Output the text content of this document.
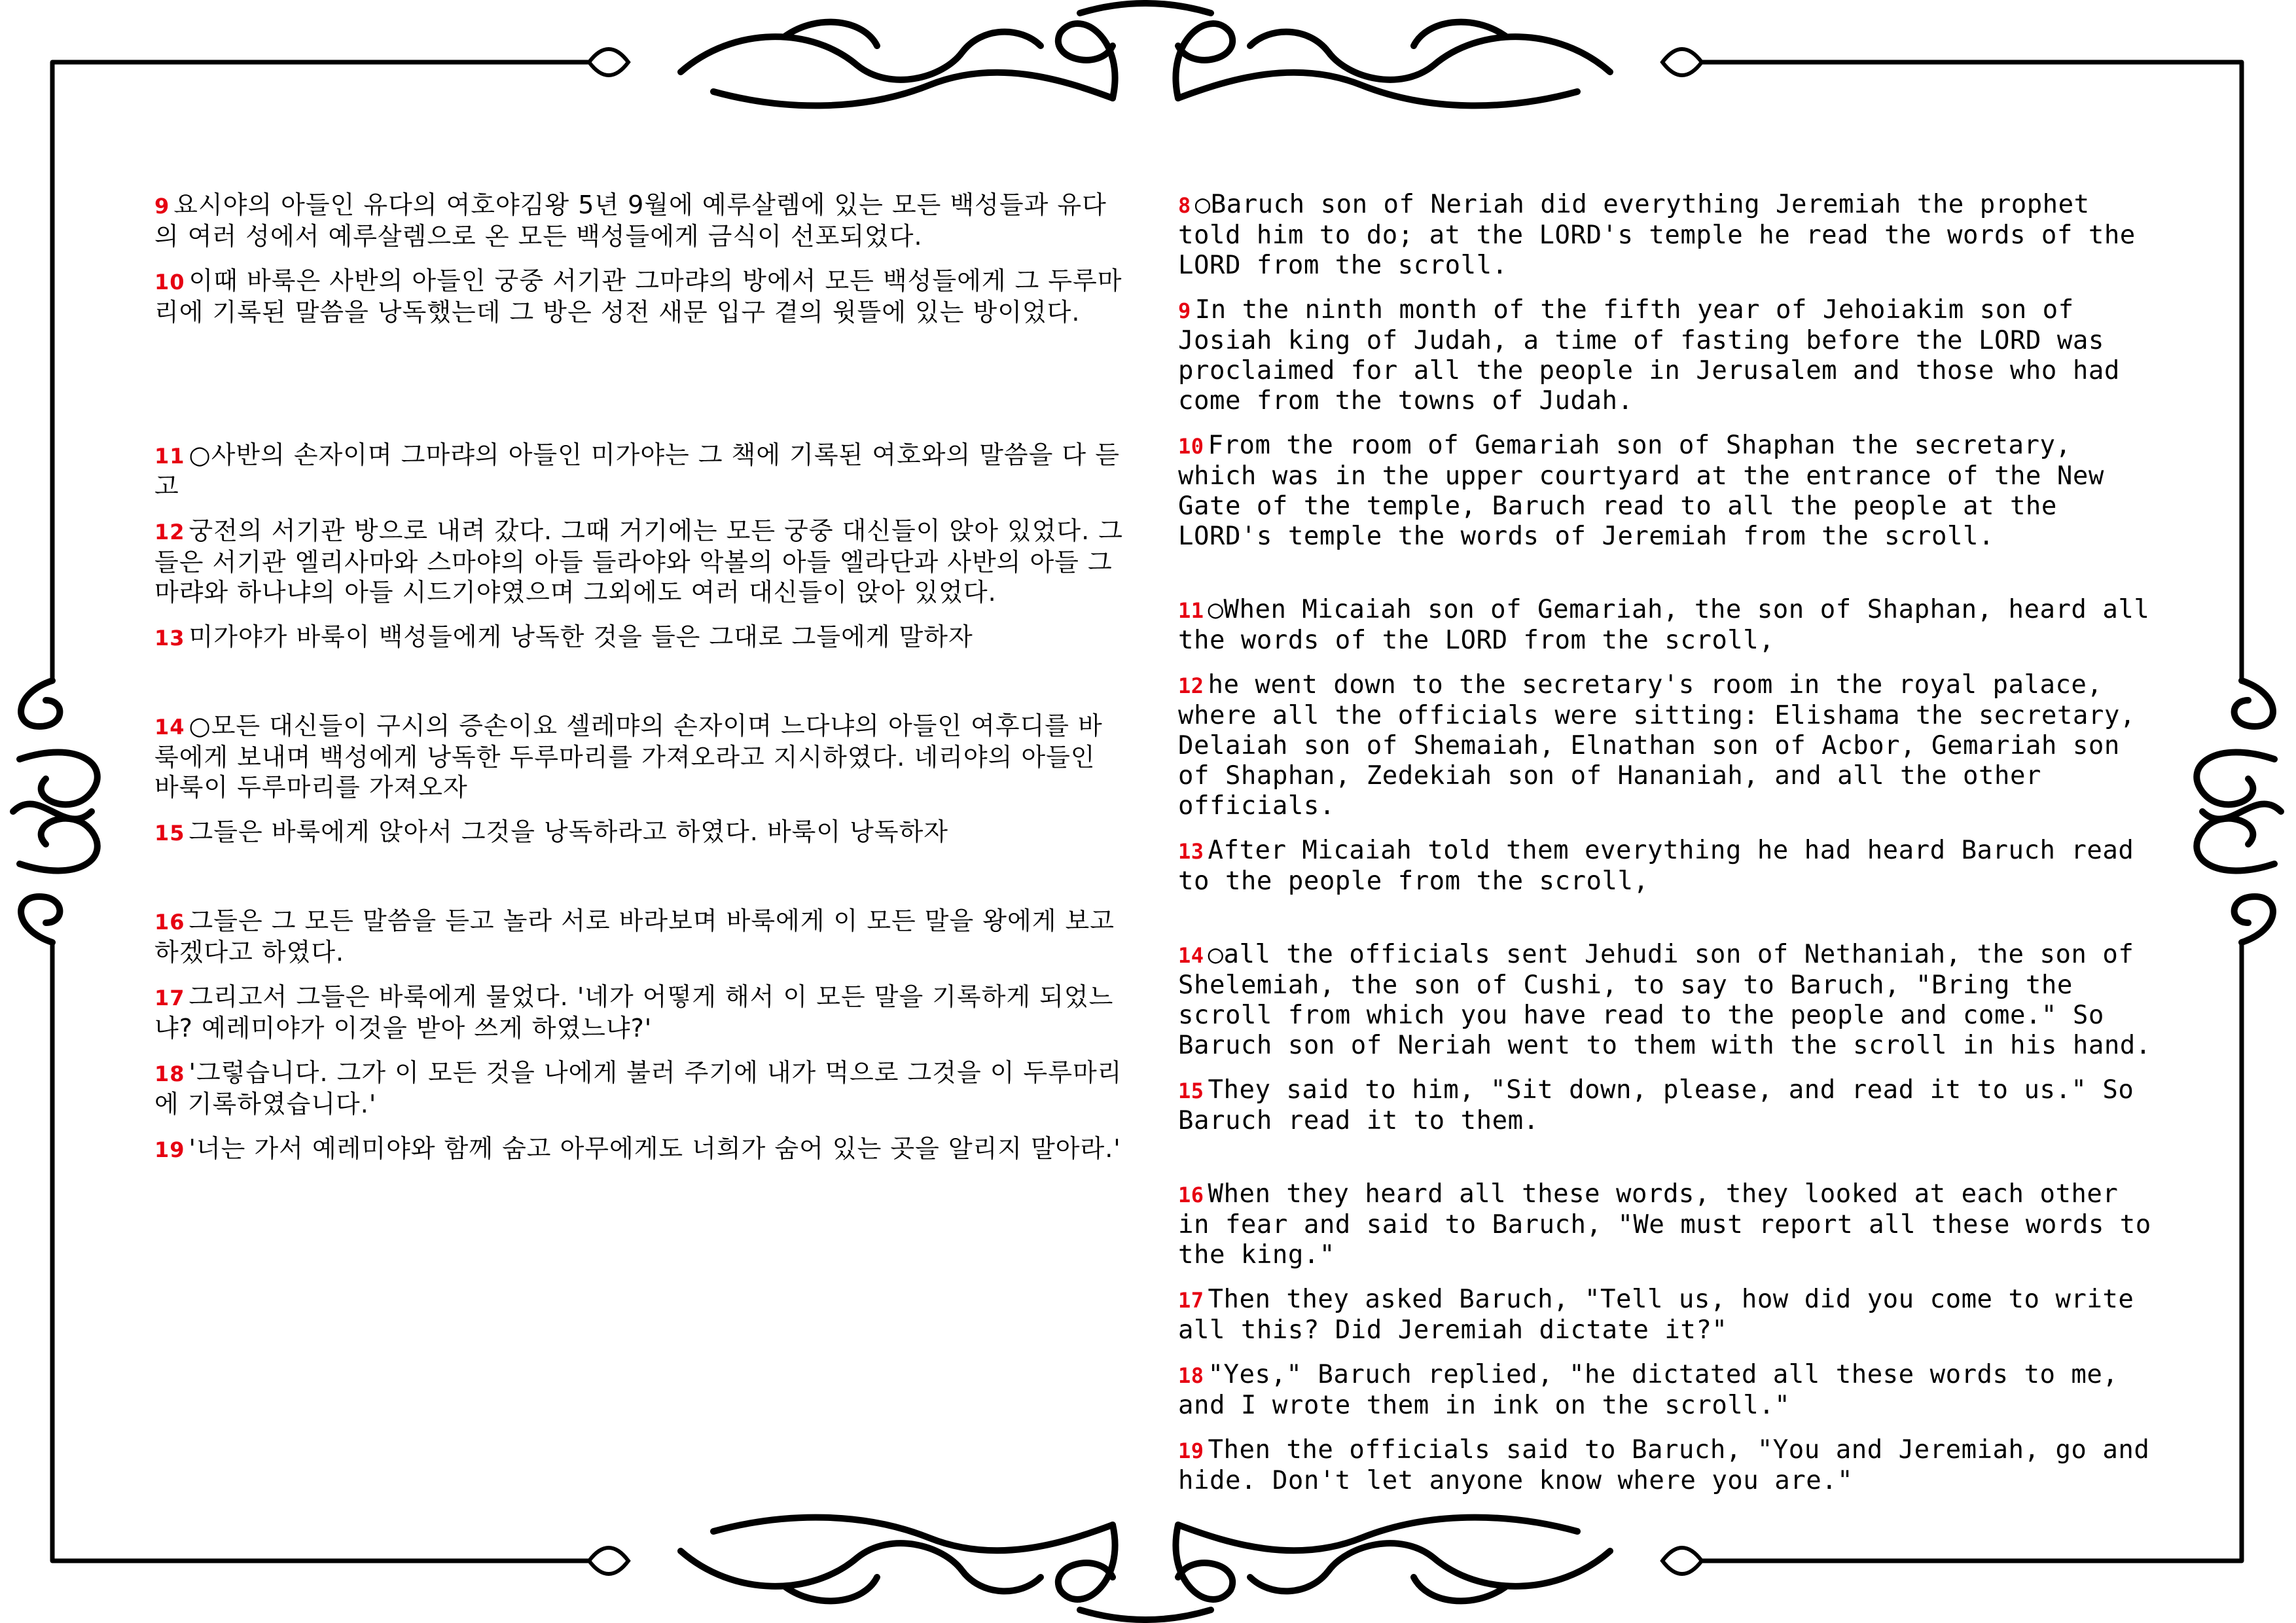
9 요시야의 아들인 유다의 여호야김왕 5년 9월에 예루살렘에 있는 모든 백성들과 유다의 여러 성에서 예루살렘으로 온 모든 백성들에게 금식이 선포되었다.

10 이때 바룩은 사반의 아들인 궁중 서기관 그마랴의 방에서 모든 백성들에게 그 두루마리에 기록된 말씀을 낭독했는데 그 방은 성전 새문 입구 곁의 윗뜰에 있는 방이었다.

11 ○사반의 손자이며 그마랴의 아들인 미가야는 그 책에 기록된 여호와의 말씀을 다 듣고

12 궁전의 서기관 방으로 내려 갔다. 그때 거기에는 모든 궁중 대신들이 앉아 있었다. 그들은 서기관 엘리사마와 스마야의 아들 들라야와 악볼의 아들 엘라단과 사반의 아들 그마랴와 하나냐의 아들 시드기야였으며 그외에도 여러 대신들이 앉아 있었다.

13 미가야가 바룩이 백성들에게 낭독한 것을 들은 그대로 그들에게 말하자

14 ○모든 대신들이 구시의 증손이요 셀레먀의 손자이며 느다냐의 아들인 여후디를 바룩에게 보내며 백성에게 낭독한 두루마리를 가져오라고 지시하였다. 네리야의 아들인 바룩이 두루마리를 가져오자

15 그들은 바룩에게 앉아서 그것을 낭독하라고 하였다. 바룩이 낭독하자

16 그들은 그 모든 말씀을 듣고 놀라 서로 바라보며 바룩에게 이 모든 말을 왕에게 보고하겠다고 하였다.

17 그리고서 그들은 바룩에게 물었다. '네가 어떻게 해서 이 모든 말을 기록하게 되었느냐? 예레미야가 이것을 받아 쓰게 하였느냐?'

18 '그렇습니다. 그가 이 모든 것을 나에게 불러 주기에 내가 먹으로 그것을 이 두루마리에 기록하였습니다.'

19 '너는 가서 예레미야와 함께 숨고 아무에게도 너희가 숨어 있는 곳을 알리지 말아라.'

8 ○Baruch son of Neriah did everything Jeremiah the prophet told him to do; at the LORD's temple he read the words of the LORD from the scroll.

9 In the ninth month of the fifth year of Jehoiakim son of Josiah king of Judah, a time of fasting before the LORD was proclaimed for all the people in Jerusalem and those who had come from the towns of Judah.

10 From the room of Gemariah son of Shaphan the secretary, which was in the upper courtyard at the entrance of the New Gate of the temple, Baruch read to all the people at the LORD's temple the words of Jeremiah from the scroll.

11 ○When Micaiah son of Gemariah, the son of Shaphan, heard all the words of the LORD from the scroll,

12 he went down to the secretary's room in the royal palace, where all the officials were sitting: Elishama the secretary, Delaiah son of Shemaiah, Elnathan son of Acbor, Gemariah son of Shaphan, Zedekiah son of Hananiah, and all the other officials.

13 After Micaiah told them everything he had heard Baruch read to the people from the scroll,

14 ○all the officials sent Jehudi son of Nethaniah, the son of Shelemiah, the son of Cushi, to say to Baruch, "Bring the scroll from which you have read to the people and come." So Baruch son of Neriah went to them with the scroll in his hand.

15 They said to him, "Sit down, please, and read it to us." So Baruch read it to them.

16 When they heard all these words, they looked at each other in fear and said to Baruch, "We must report all these words to the king."

17 Then they asked Baruch, "Tell us, how did you come to write all this? Did Jeremiah dictate it?"

18 "Yes," Baruch replied, "he dictated all these words to me, and I wrote them in ink on the scroll."

19 Then the officials said to Baruch, "You and Jeremiah, go and hide. Don't let anyone know where you are."
